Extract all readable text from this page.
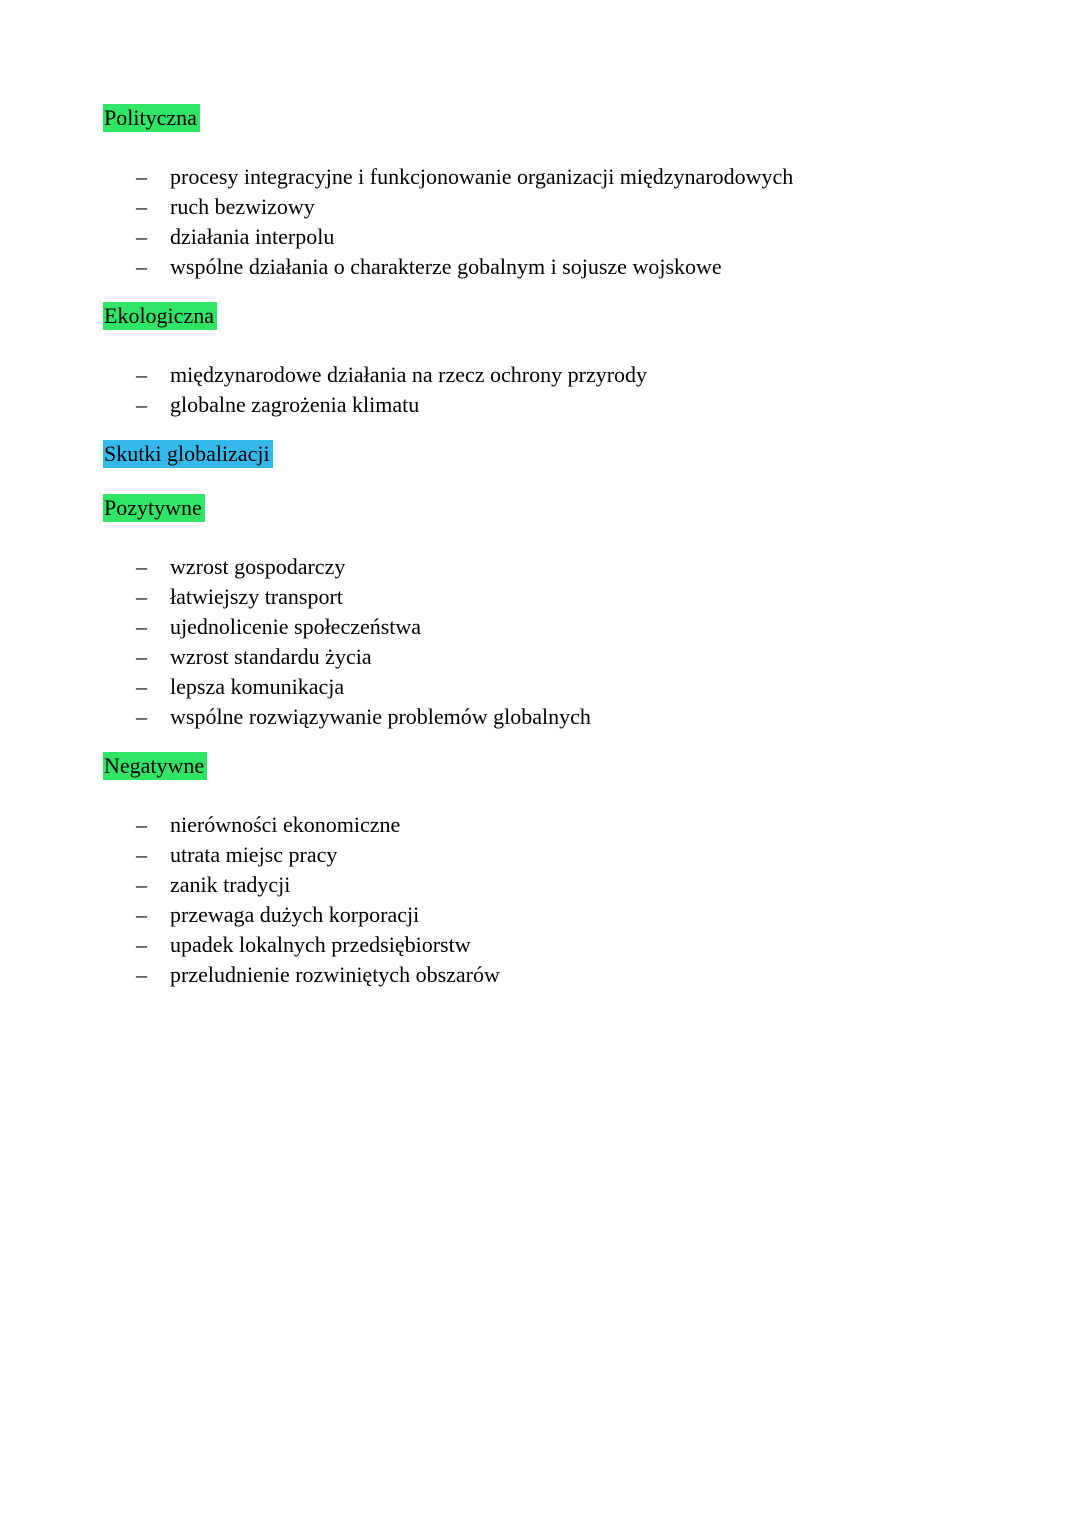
Polityczna

– procesy integracyjne i funkcjonowanie organizacji międzynarodowych
– ruch bezwizowy
– działania interpolu
– wspólne działania o charakterze gobalnym i sojusze wojskowe

Ekologiczna

– międzynarodowe działania na rzecz ochrony przyrody
– globalne zagrożenia klimatu

Skutki globalizacji

Pozytywne

– wzrost gospodarczy
– łatwiejszy transport
– ujednolicenie społeczeństwa
– wzrost standardu życia
– lepsza komunikacja
– wspólne rozwiązywanie problemów globalnych

Negatywne

– nierówności ekonomiczne
– utrata miejsc pracy
– zanik tradycji
– przewaga dużych korporacji
– upadek lokalnych przedsiębiorstw
– przeludnienie rozwiniętych obszarów
